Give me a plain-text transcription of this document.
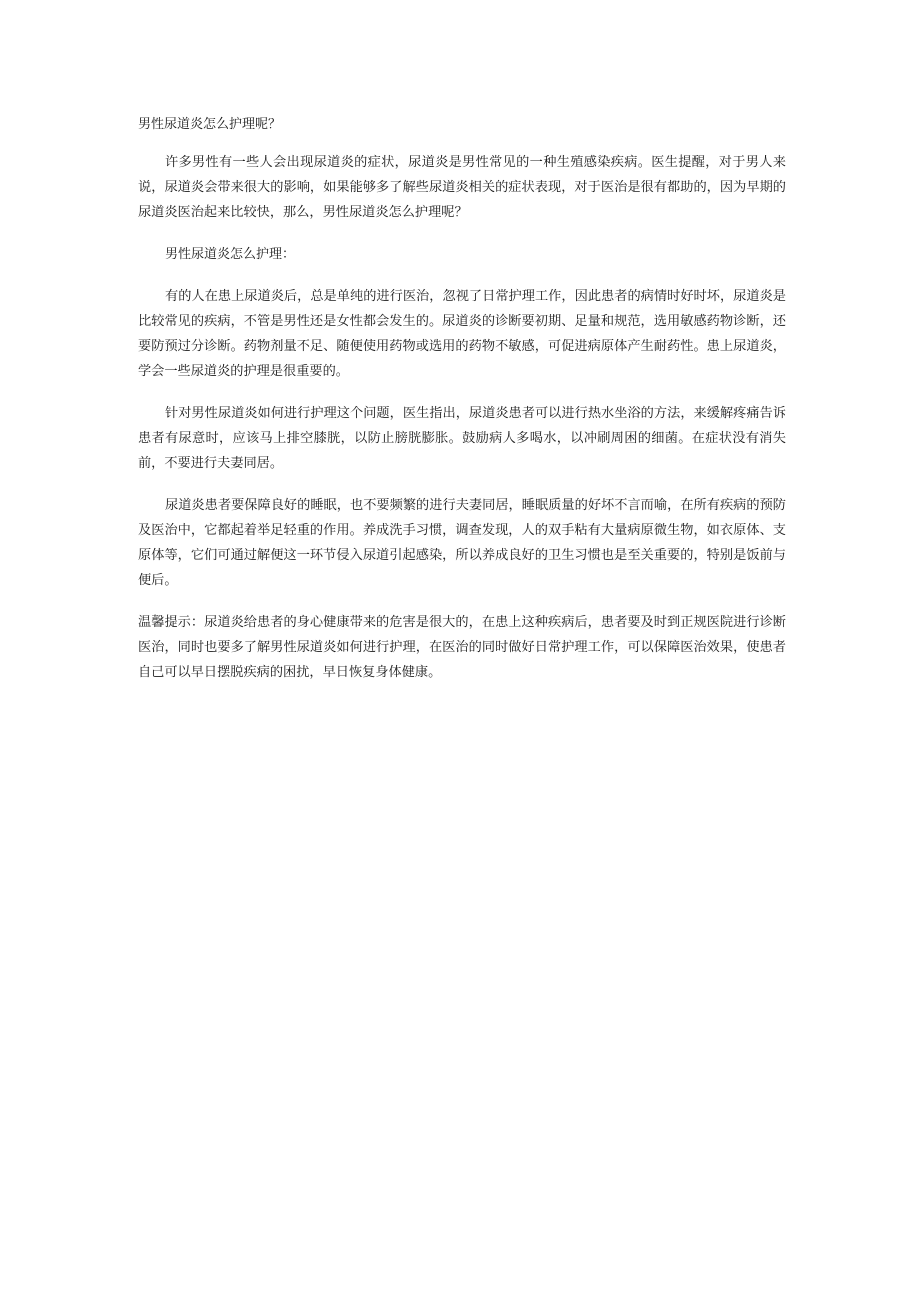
男性尿道炎怎么护理呢？

许多男性有一些人会出现尿道炎的症状，尿道炎是男性常见的一种生殖感染疾病。医生提醒，对于男人来说，尿道炎会带来很大的影响，如果能够多了解些尿道炎相关的症状表现，对于医治是很有都助的，因为早期的尿道炎医治起来比较快，那么，男性尿道炎怎么护理呢？

男性尿道炎怎么护理：

有的人在患上尿道炎后，总是单纯的进行医治，忽视了日常护理工作，因此患者的病情时好时坏，尿道炎是比较常见的疾病，不管是男性还是女性都会发生的。尿道炎的诊断要初期、足量和规范，选用敏感药物诊断，还要防预过分诊断。药物剂量不足、随便使用药物或选用的药物不敏感，可促进病原体产生耐药性。患上尿道炎，学会一些尿道炎的护理是很重要的。

针对男性尿道炎如何进行护理这个问题，医生指出，尿道炎患者可以进行热水坐浴的方法，来缓解疼痛告诉患者有尿意时，应该马上排空膝胱，以防止膀胱膨胀。鼓励病人多喝水，以冲刷周困的细菌。在症状没有消失前，不要进行夫妻同居。

尿道炎患者要保障良好的睡眠，也不要频繁的进行夫妻同居，睡眠质量的好坏不言而喻，在所有疾病的预防及医治中，它都起着举足轻重的作用。养成洗手习惯，调查发现，人的双手粘有大量病原微生物，如衣原体、支原体等，它们可通过解便这一环节侵入尿道引起感染，所以养成良好的卫生习惯也是至关重要的，特别是饭前与便后。

温馨提示：尿道炎给患者的身心健康带来的危害是很大的，在患上这种疾病后，患者要及时到正规医院进行诊断医治，同时也要多了解男性尿道炎如何进行护理，在医治的同时做好日常护理工作，可以保障医治效果，使患者自己可以早日摆脱疾病的困扰，早日恢复身体健康。
